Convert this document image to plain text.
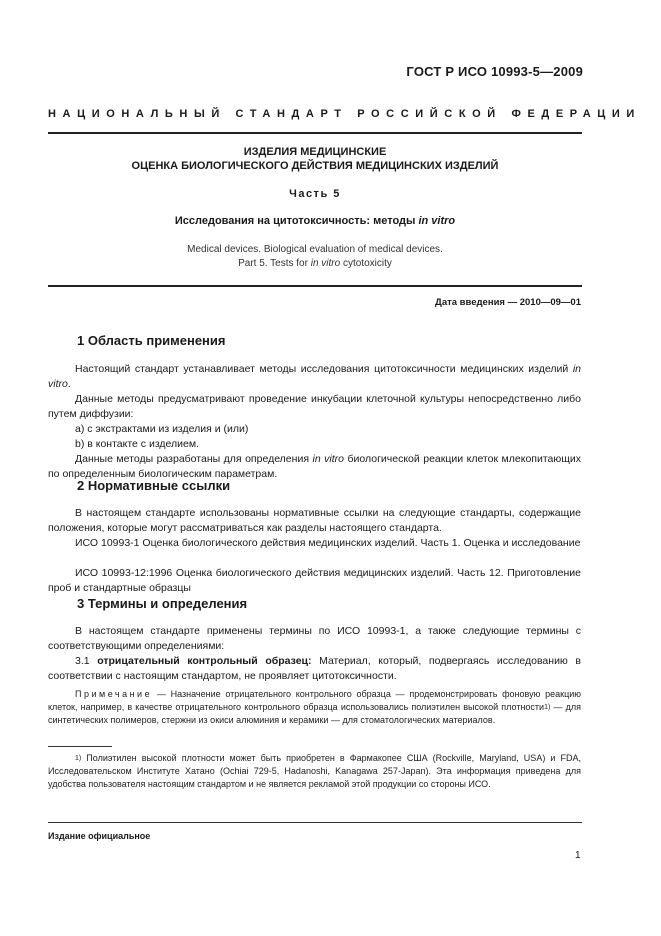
ГОСТ Р ИСО 10993-5—2009
НАЦИОНАЛЬНЫЙ СТАНДАРТ РОССИЙСКОЙ ФЕДЕРАЦИИ
ИЗДЕЛИЯ МЕДИЦИНСКИЕ
ОЦЕНКА БИОЛОГИЧЕСКОГО ДЕЙСТВИЯ МЕДИЦИНСКИХ ИЗДЕЛИЙ
Часть 5
Исследования на цитотоксичность: методы in vitro
Medical devices. Biological evaluation of medical devices.
Part 5. Tests for in vitro cytotoxicity
Дата введения — 2010—09—01
1 Область применения

Настоящий стандарт устанавливает методы исследования цитотоксичности медицинских изделий in vitro.

Данные методы предусматривают проведение инкубации клеточной культуры непосредственно либо путем диффузии:

a) с экстрактами из изделия и (или)

b) в контакте с изделием.

Данные методы разработаны для определения in vitro биологической реакции клеток млекопитающих по определенным биологическим параметрам.

2 Нормативные ссылки

В настоящем стандарте использованы нормативные ссылки на следующие стандарты, содержащие положения, которые могут рассматриваться как разделы настоящего стандарта.

ИСО 10993-1 Оценка биологического действия медицинских изделий. Часть 1. Оценка и исследование

ИСО 10993-12:1996 Оценка биологического действия медицинских изделий. Часть 12. Приготовление проб и стандартные образцы

3 Термины и определения

В настоящем стандарте применены термины по ИСО 10993-1, а также следующие термины с соответствующими определениями:

3.1 отрицательный контрольный образец: Материал, который, подвергаясь исследованию в соответствии с настоящим стандартом, не проявляет цитотоксичности.

Примечание — Назначение отрицательного контрольного образца — продемонстрировать фоновую реакцию клеток, например, в качестве отрицательного контрольного образца использовались полиэтилен высокой плотности$^{1)}$ — для синтетических полимеров, стержни из окиси алюминия и керамики — для стоматологических материалов.

$^{1)}$ Полиэтилен высокой плотности может быть приобретен в Фармакопее США (Rockville, Maryland, USA) и FDA, Исследовательском Институте Хатано (Ochiai 729-5, Hadanoshi, Kanagawa 257-Japan). Эта информация приведена для удобства пользователя настоящим стандартом и не является рекламой этой продукции со стороны ИСО.

Издание официальное
1
